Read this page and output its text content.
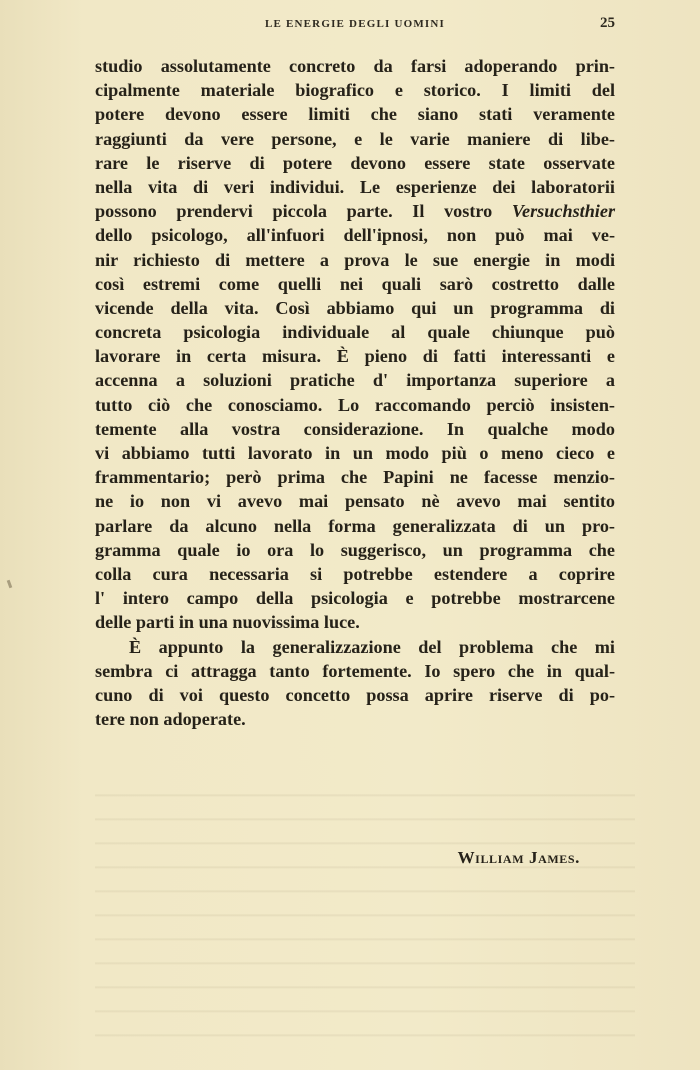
LE ENERGIE DEGLI UOMINI	25
studio assolutamente concreto da farsi adoperando prin-
cipalmente materiale biografico e storico. I limiti del
potere devono essere limiti che siano stati veramente
raggiunti da vere persone, e le varie maniere di libe-
rare le riserve di potere devono essere state osservate
nella vita di veri individui. Le esperienze dei laboratorii
possono prendervi piccola parte. Il vostro Versuchsthier
dello psicologo, all'infuori dell'ipnosi, non può mai ve-
nir richiesto di mettere a prova le sue energie in modi
così estremi come quelli nei quali sarò costretto dalle
vicende della vita. Così abbiamo qui un programma di
concreta psicologia individuale al quale chiunque può
lavorare in certa misura. È pieno di fatti interessanti e
accenna a soluzioni pratiche d' importanza superiore a
tutto ciò che conosciamo. Lo raccomando perciò insisten-
temente alla vostra considerazione. In qualche modo
vi abbiamo tutti lavorato in un modo più o meno cieco e
frammentario; però prima che Papini ne facesse menzio-
ne io non vi avevo mai pensato nè avevo mai sentito
parlare da alcuno nella forma generalizzata di un pro-
gramma quale io ora lo suggerisco, un programma che
colla cura necessaria si potrebbe estendere a coprire
l' intero campo della psicologia e potrebbe mostrarcene
delle parti in una nuovissima luce.
È appunto la generalizzazione del problema che mi
sembra ci attragga tanto fortemente. Io spero che in qual-
cuno di voi questo concetto possa aprire riserve di po-
tere non adoperate.
William James.
